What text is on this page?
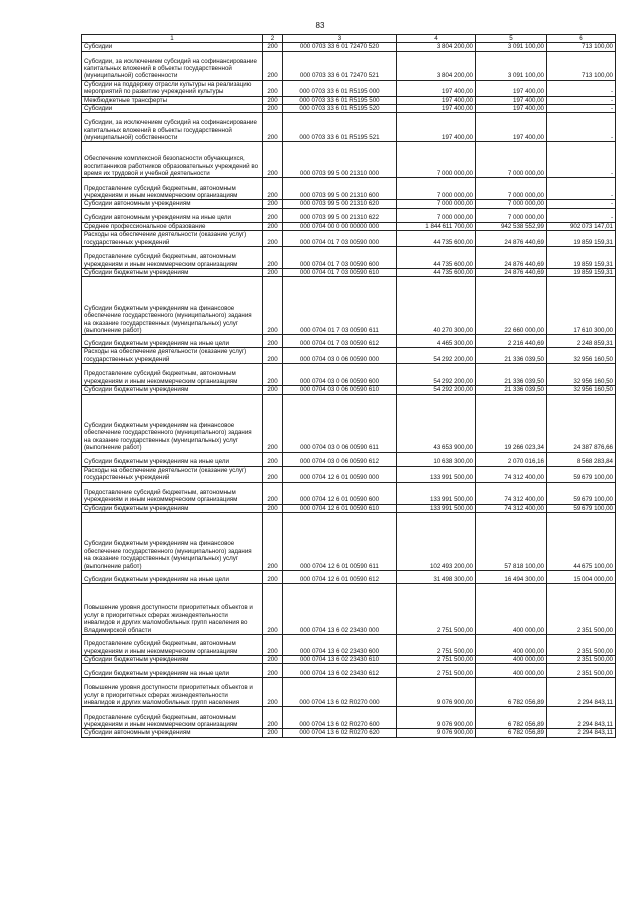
83
1	2	3	4	5	6
Субсидии	200	000 0703 33 6 01 72470 520	3 804 200,00	3 091 100,00	713 100,00
Субсидии, за исключением субсидий на софинансирование капитальных вложений в объекты государственной (муниципальной) собственности	200	000 0703 33 6 01 72470 521	3 804 200,00	3 091 100,00	713 100,00
Субсидии на поддержку отрасли культуры на реализацию мероприятий по развитию учреждений культуры	200	000 0703 33 6 01 R5195 000	197 400,00	197 400,00	-
Межбюджетные трансферты	200	000 0703 33 6 01 R5195 500	197 400,00	197 400,00	-
Субсидии	200	000 0703 33 6 01 R5195 520	197 400,00	197 400,00	-
Субсидии, за исключением субсидий на софинансирование капитальных вложений в объекты государственной (муниципальной) собственности	200	000 0703 33 6 01 R5195 521	197 400,00	197 400,00	-
Обеспечение комплексной безопасности обучающихся, воспитанников работников образовательных учреждений во время их трудовой и учебной деятельности	200	000 0703 99 5 00 21310 000	7 000 000,00	7 000 000,00	-
Предоставление субсидий бюджетным, автономным учреждениям и иным некоммерческим организациям	200	000 0703 99 5 00 21310 600	7 000 000,00	7 000 000,00	-
Субсидии автономным учреждениям	200	000 0703 99 5 00 21310 620	7 000 000,00	7 000 000,00	-
Субсидии автономным учреждениям на иные цели	200	000 0703 99 5 00 21310 622	7 000 000,00	7 000 000,00	-
Среднее профессиональное образование	200	000 0704 00 0 00 00000 000	1 844 611 700,00	942 538 552,99	902 073 147,01
Расходы на обеспечение деятельности (оказание услуг) государственных учреждений	200	000 0704 01 7 03 00590 000	44 735 600,00	24 876 440,69	19 859 159,31
Предоставление субсидий бюджетным, автономным учреждениям и иным некоммерческим организациям	200	000 0704 01 7 03 00590 600	44 735 600,00	24 876 440,69	19 859 159,31
Субсидии бюджетным учреждениям	200	000 0704 01 7 03 00590 610	44 735 600,00	24 876 440,69	19 859 159,31
Субсидии бюджетным учреждениям на финансовое обеспечение государственного (муниципального) задания на оказание государственных (муниципальных) услуг (выполнение работ)	200	000 0704 01 7 03 00590 611	40 270 300,00	22 660 000,00	17 610 300,00
Субсидии бюджетным учреждениям на иные цели	200	000 0704 01 7 03 00590 612	4 465 300,00	2 216 440,69	2 248 859,31
Расходы на обеспечение деятельности (оказание услуг) государственных учреждений	200	000 0704 03 0 06 00590 000	54 292 200,00	21 336 039,50	32 956 160,50
Предоставление субсидий бюджетным, автономным учреждениям и иным некоммерческим организациям	200	000 0704 03 0 06 00590 600	54 292 200,00	21 336 039,50	32 956 160,50
Субсидии бюджетным учреждениям	200	000 0704 03 0 06 00590 610	54 292 200,00	21 336 039,50	32 956 160,50
Субсидии бюджетным учреждениям на финансовое обеспечение государственного (муниципального) задания на оказание государственных (муниципальных) услуг (выполнение работ)	200	000 0704 03 0 06 00590 611	43 653 900,00	19 266 023,34	24 387 876,66
Субсидии бюджетным учреждениям на иные цели	200	000 0704 03 0 06 00590 612	10 638 300,00	2 070 016,16	8 568 283,84
Расходы на обеспечение деятельности (оказание услуг) государственных учреждений	200	000 0704 12 6 01 00590 000	133 991 500,00	74 312 400,00	59 679 100,00
Предоставление субсидий бюджетным, автономным учреждениям и иным некоммерческим организациям	200	000 0704 12 6 01 00590 600	133 991 500,00	74 312 400,00	59 679 100,00
Субсидии бюджетным учреждениям	200	000 0704 12 6 01 00590 610	133 991 500,00	74 312 400,00	59 679 100,00
Субсидии бюджетным учреждениям на финансовое обеспечение государственного (муниципального) задания на оказание государственных (муниципальных) услуг (выполнение работ)	200	000 0704 12 6 01 00590 611	102 493 200,00	57 818 100,00	44 675 100,00
Субсидии бюджетным учреждениям на иные цели	200	000 0704 12 6 01 00590 612	31 498 300,00	16 494 300,00	15 004 000,00
Повышение уровня доступности приоритетных объектов и услуг в приоритетных сферах жизнедеятельности инвалидов и других маломобильных групп населения во Владимирской области	200	000 0704 13 6 02 23430 000	2 751 500,00	400 000,00	2 351 500,00
Предоставление субсидий бюджетным, автономным учреждениям и иным некоммерческим организациям	200	000 0704 13 6 02 23430 600	2 751 500,00	400 000,00	2 351 500,00
Субсидии бюджетным учреждениям	200	000 0704 13 6 02 23430 610	2 751 500,00	400 000,00	2 351 500,00
Субсидии бюджетным учреждениям на иные цели	200	000 0704 13 6 02 23430 612	2 751 500,00	400 000,00	2 351 500,00
Повышение уровня доступности приоритетных объектов и услуг в приоритетных сферах жизнедеятельности инвалидов и других маломобильных групп населения	200	000 0704 13 6 02 R0270 000	9 076 900,00	6 782 056,89	2 294 843,11
Предоставление субсидий бюджетным, автономным учреждениям и иным некоммерческим организациям	200	000 0704 13 6 02 R0270 600	9 076 900,00	6 782 056,89	2 294 843,11
Субсидии автономным учреждениям	200	000 0704 13 6 02 R0270 620	9 076 900,00	6 782 056,89	2 294 843,11
